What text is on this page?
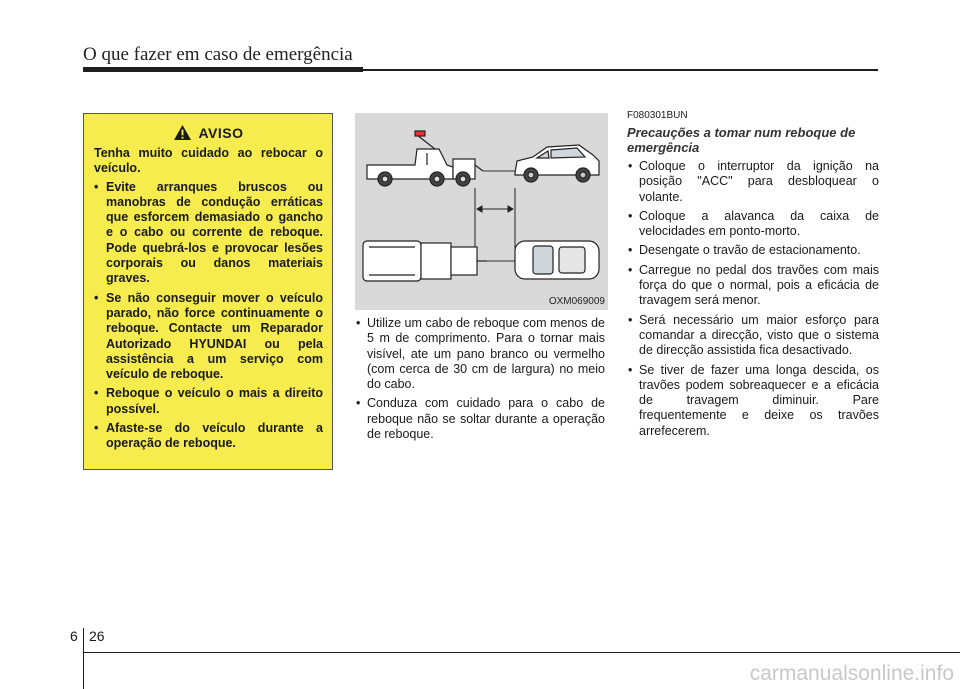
O que fazer em caso de emergência
AVISO

Tenha muito cuidado ao rebocar o veículo.

• Evite arranques bruscos ou manobras de condução erráticas que esforcem demasiado o gancho e o cabo ou corrente de reboque. Pode quebrá-los e provocar lesões corporais ou danos materiais graves.
• Se não conseguir mover o veículo parado, não force continuamente o reboque. Contacte um Reparador Autorizado HYUNDAI ou pela assistência a um serviço com veículo de reboque.
• Reboque o veículo o mais a direito possível.
• Afaste-se do veículo durante a operação de reboque.
OXM069009
• Utilize um cabo de reboque com menos de 5 m de comprimento. Para o tornar mais visível, ate um pano branco ou vermelho (com cerca de 30 cm de largura) no meio do cabo.
• Conduza com cuidado para o cabo de reboque não se soltar durante a operação de reboque.
F080301BUN
Precauções a tomar num reboque de emergência
• Coloque o interruptor da ignição na posição "ACC" para desbloquear o volante.
• Coloque a alavanca da caixa de velocidades em ponto-morto.
• Desengate o travão de estacionamento.
• Carregue no pedal dos travões com mais força do que o normal, pois a eficácia de travagem será menor.
• Será necessário um maior esforço para comandar a direcção, visto que o sistema de direcção assistida fica desactivado.
• Se tiver de fazer uma longa descida, os travões podem sobreaquecer e a eficácia de travagem diminuir. Pare frequentemente e deixe os travões arrefecerem.
6 26
carmanualsonline.info
